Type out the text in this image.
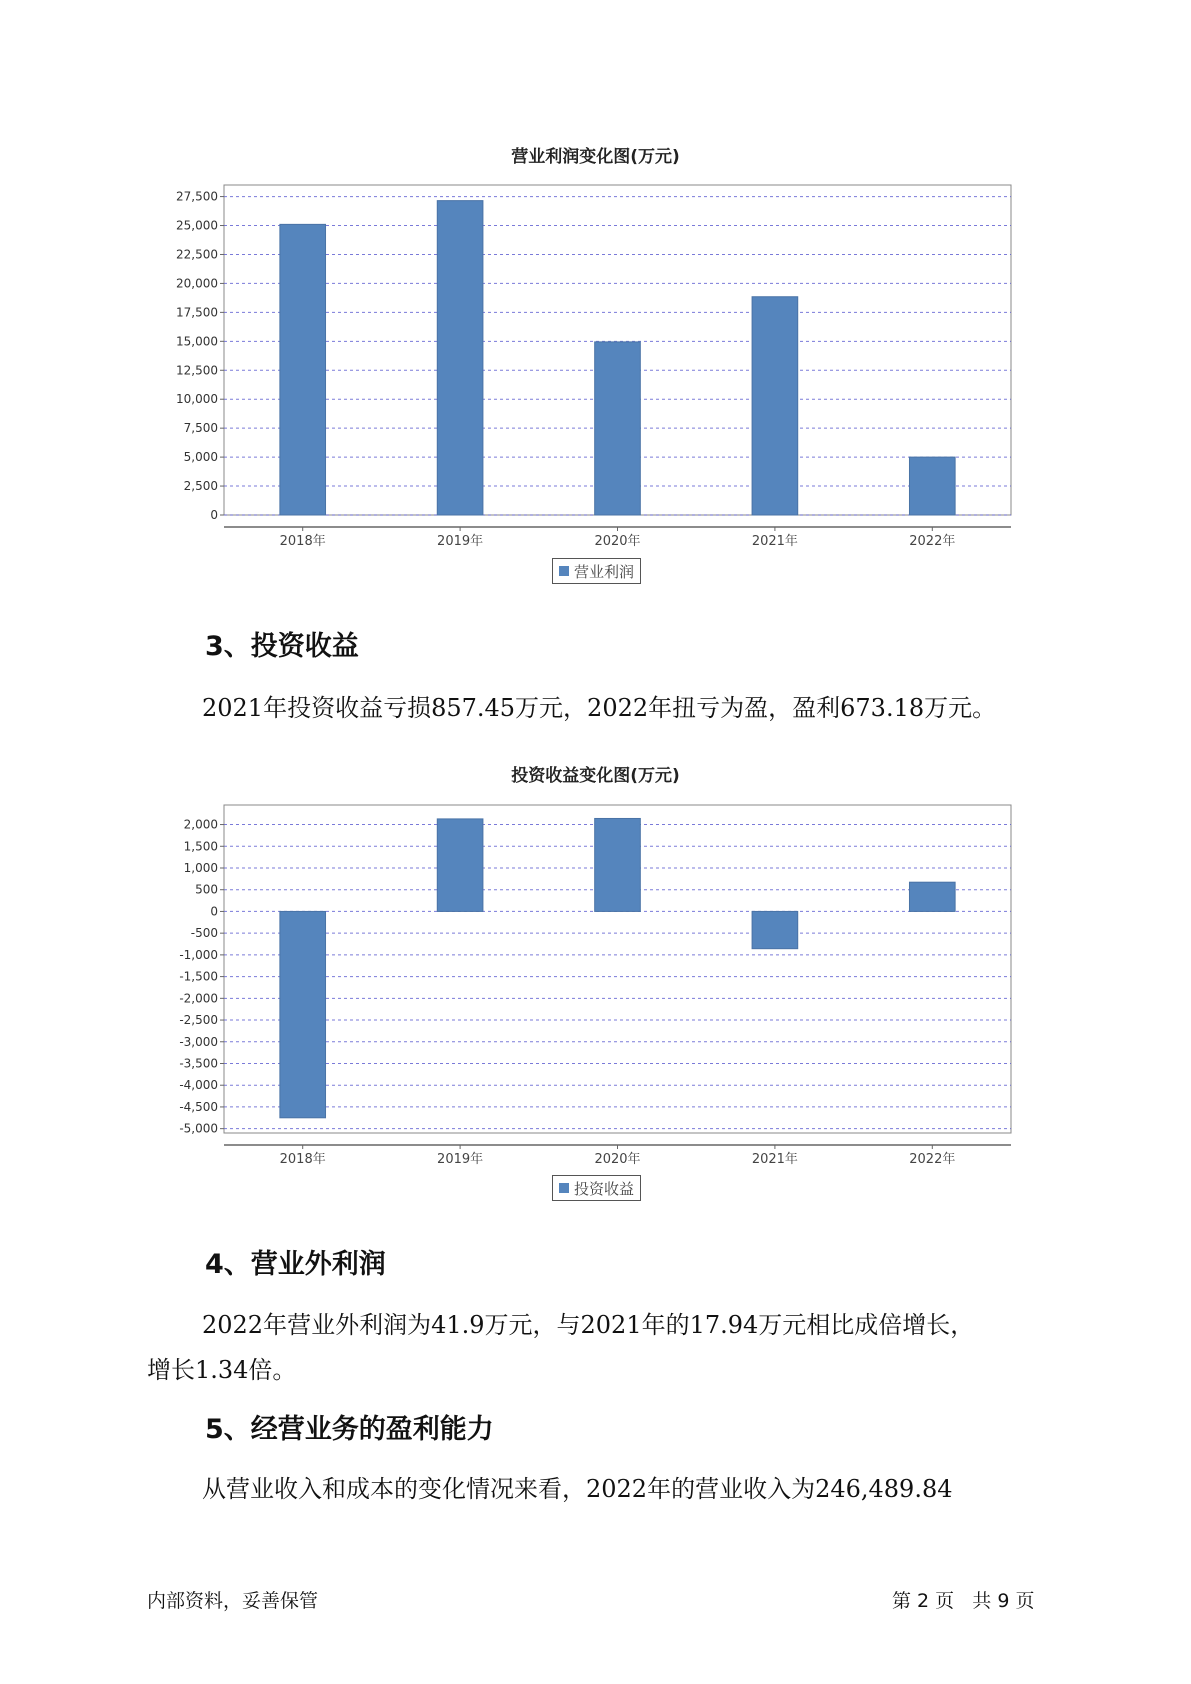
营业利润变化图(万元)
0
2,500
5,000
7,500
10,000
12,500
15,000
17,500
20,000
22,500
25,000
27,500
2018年	2019年	2020年	2021年	2022年
营业利润
3、投资收益

2021年投资收益亏损857.45万元，2022年扭亏为盈，盈利673.18万元。

投资收益变化图(万元)
2,000
1,500
1,000
500
0
-500
-1,000
-1,500
-2,000
-2,500
-3,000
-3,500
-4,000
-4,500
-5,000
2018年	2019年	2020年	2021年	2022年
投资收益
4、营业外利润

2022年营业外利润为41.9万元，与2021年的17.94万元相比成倍增长，

增长1.34倍。

5、经营业务的盈利能力

从营业收入和成本的变化情况来看，2022年的营业收入为246,489.84

内部资料，妥善保管	第 2 页   共 9 页
